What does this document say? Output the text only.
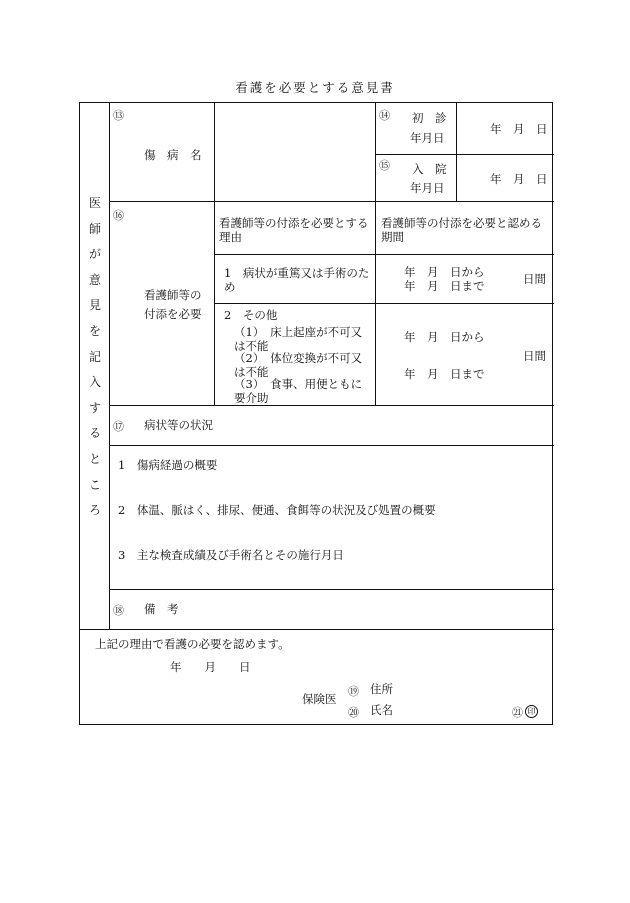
看護を必要とする意見書
医
師
が
意
見
を
記
入
す
る
と
こ
ろ
⑬
傷　病　名
⑭ 初　診
年月日
年　月　日
⑮ 入　院
年月日
年　月　日
⑯
看護師等の
付添を必要
看護師等の付添を必要とする理由
看護師等の付添を必要と認める期間
1　病状が重篤又は手術のため
年　月　日から
年　月　日まで	日間
2　その他
（1）　床上起座が不可又は不能
（2）　体位変換が不可又は不能
（3）　食事、用便ともに要介助
年　月　日から
日間
年　月　日まで
⑰ 病状等の状況
1　傷病経過の概要
2　体温、脈はく、排尿、便通、食餌等の状況及び処置の概要
3　主な検査成績及び手術名とその施行月日
⑱ 備　考
上記の理由で看護の必要を認めます。
年　　月　　日
保険医
⑲ 住所
⑳ 氏名	㉑ 印
